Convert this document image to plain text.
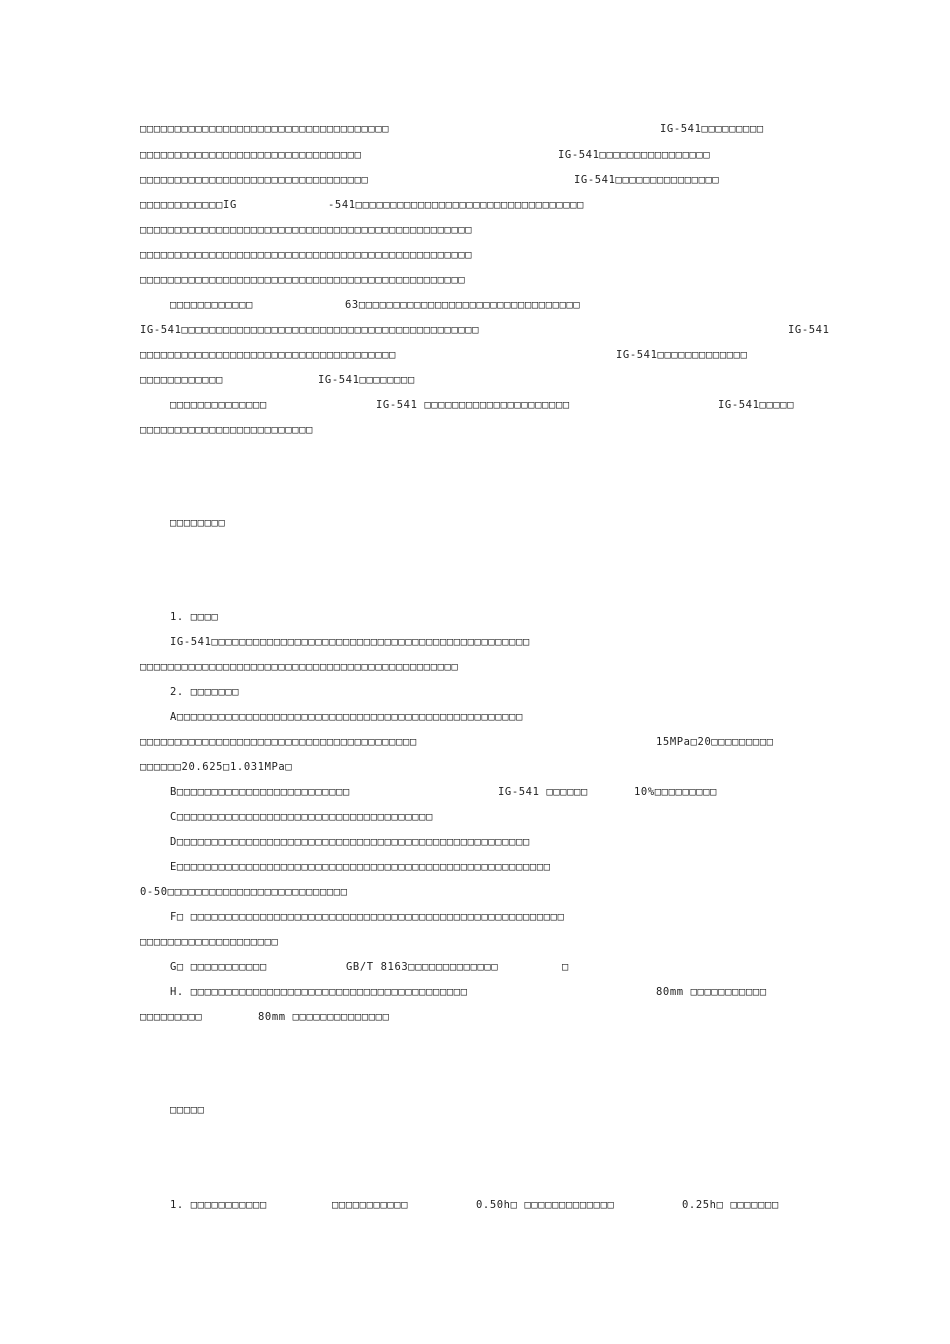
□□□□□□□□□□□□□□□□□□□□□□□□□□□□□□□□□□□□

	IG-541□□□□□□□□□

□□□□□□□□□□□□□□□□□□□□□□□□□□□□□□□□

	IG-541□□□□□□□□□□□□□□□□

□□□□□□□□□□□□□□□□□□□□□□□□□□□□□□□□□

	IG-541□□□□□□□□□□□□□□□

□□□□□□□□□□□□IG

	-541□□□□□□□□□□□□□□□□□□□□□□□□□□□□□□□□□

□□□□□□□□□□□□□□□□□□□□□□□□□□□□□□□□□□□□□□□□□□□□□□□□
□□□□□□□□□□□□□□□□□□□□□□□□□□□□□□□□□□□□□□□□□□□□□□□□
□□□□□□□□□□□□□□□□□□□□□□□□□□□□□□□□□□□□□□□□□□□□□□□

□□□□□□□□□□□□

	63□□□□□□□□□□□□□□□□□□□□□□□□□□□□□□□□

IG-541□□□□□□□□□□□□□□□□□□□□□□□□□□□□□□□□□□□□□□□□□□□

	IG-541

□□□□□□□□□□□□□□□□□□□□□□□□□□□□□□□□□□□□□

	IG-541□□□□□□□□□□□□□

□□□□□□□□□□□□

	IG-541□□□□□□□□

□□□□□□□□□□□□□□

	IG-541 □□□□□□□□□□□□□□□□□□□□□

	IG-541□□□□□

□□□□□□□□□□□□□□□□□□□□□□□□□
□□□□□□□□
1. □□□□
IG-541□□□□□□□□□□□□□□□□□□□□□□□□□□□□□□□□□□□□□□□□□□□□□□
□□□□□□□□□□□□□□□□□□□□□□□□□□□□□□□□□□□□□□□□□□□□□□
2. □□□□□□□
A□□□□□□□□□□□□□□□□□□□□□□□□□□□□□□□□□□□□□□□□□□□□□□□□□□

□□□□□□□□□□□□□□□□□□□□□□□□□□□□□□□□□□□□□□□□

	15MPa□20□□□□□□□□□

□□□□□□20.625□1.031MPa□

B□□□□□□□□□□□□□□□□□□□□□□□□□

	IG-541 □□□□□□

	10%□□□□□□□□□

C□□□□□□□□□□□□□□□□□□□□□□□□□□□□□□□□□□□□□
D□□□□□□□□□□□□□□□□□□□□□□□□□□□□□□□□□□□□□□□□□□□□□□□□□□□
E□□□□□□□□□□□□□□□□□□□□□□□□□□□□□□□□□□□□□□□□□□□□□□□□□□□□□□
0-50□□□□□□□□□□□□□□□□□□□□□□□□□□
F□ □□□□□□□□□□□□□□□□□□□□□□□□□□□□□□□□□□□□□□□□□□□□□□□□□□□□□□
□□□□□□□□□□□□□□□□□□□□

G□ □□□□□□□□□□□

	GB/T 8163□□□□□□□□□□□□□

	□

H. □□□□□□□□□□□□□□□□□□□□□□□□□□□□□□□□□□□□□□□□

	80mm □□□□□□□□□□□

□□□□□□□□□

	80mm □□□□□□□□□□□□□□

□□□□□

1. □□□□□□□□□□□

	□□□□□□□□□□□

	0.50h□ □□□□□□□□□□□□□

	0.25h□ □□□□□□□
